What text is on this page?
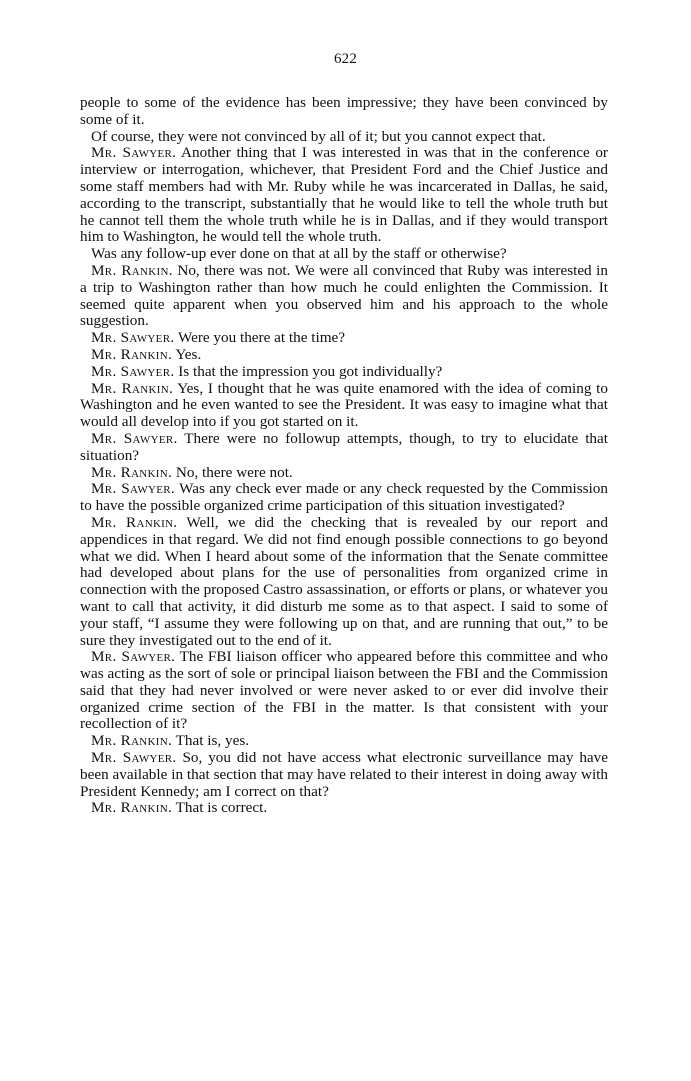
622

people to some of the evidence has been impressive; they have been convinced by some of it.

Of course, they were not convinced by all of it; but you cannot expect that.

Mr. Sawyer. Another thing that I was interested in was that in the conference or interview or interrogation, whichever, that President Ford and the Chief Justice and some staff members had with Mr. Ruby while he was incarcerated in Dallas, he said, according to the transcript, substantially that he would like to tell the whole truth but he cannot tell them the whole truth while he is in Dallas, and if they would transport him to Washington, he would tell the whole truth.

Was any follow-up ever done on that at all by the staff or otherwise?

Mr. Rankin. No, there was not. We were all convinced that Ruby was interested in a trip to Washington rather than how much he could enlighten the Commission. It seemed quite apparent when you observed him and his approach to the whole suggestion.

Mr. Sawyer. Were you there at the time?

Mr. Rankin. Yes.

Mr. Sawyer. Is that the impression you got individually?

Mr. Rankin. Yes, I thought that he was quite enamored with the idea of coming to Washington and he even wanted to see the President. It was easy to imagine what that would all develop into if you got started on it.

Mr. Sawyer. There were no followup attempts, though, to try to elucidate that situation?

Mr. Rankin. No, there were not.

Mr. Sawyer. Was any check ever made or any check requested by the Commission to have the possible organized crime participation of this situation investigated?

Mr. Rankin. Well, we did the checking that is revealed by our report and appendices in that regard. We did not find enough possible connections to go beyond what we did. When I heard about some of the information that the Senate committee had developed about plans for the use of personalities from organized crime in connection with the proposed Castro assassination, or efforts or plans, or whatever you want to call that activity, it did disturb me some as to that aspect. I said to some of your staff, “I assume they were following up on that, and are running that out,” to be sure they investigated out to the end of it.

Mr. Sawyer. The FBI liaison officer who appeared before this committee and who was acting as the sort of sole or principal liaison between the FBI and the Commission said that they had never involved or were never asked to or ever did involve their organized crime section of the FBI in the matter. Is that consistent with your recollection of it?

Mr. Rankin. That is, yes.

Mr. Sawyer. So, you did not have access what electronic surveillance may have been available in that section that may have related to their interest in doing away with President Kennedy; am I correct on that?

Mr. Rankin. That is correct.
